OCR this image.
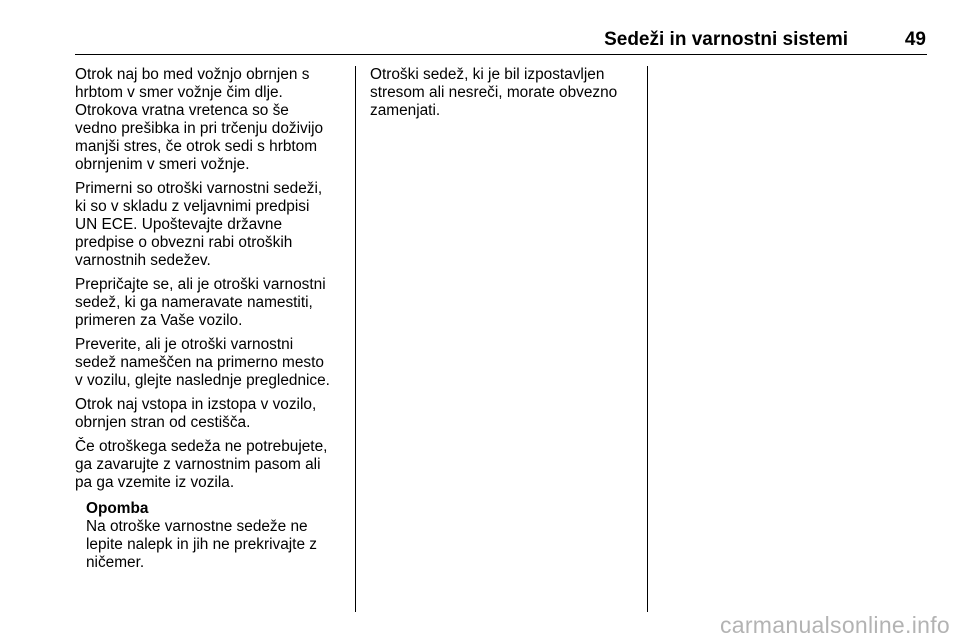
Sedeži in varnostni sistemi	49

Otrok naj bo med vožnjo obrnjen s
hrbtom v smer vožnje čim dlje.
Otrokova vratna vretenca so še
vedno prešibka in pri trčenju doživijo
manjši stres, če otrok sedi s hrbtom
obrnjenim v smeri vožnje.

Primerni so otroški varnostni sedeži,
ki so v skladu z veljavnimi predpisi
UN ECE. Upoštevajte državne
predpise o obvezni rabi otroških
varnostnih sedežev.

Prepričajte se, ali je otroški varnostni
sedež, ki ga nameravate namestiti,
primeren za Vaše vozilo.

Preverite, ali je otroški varnostni
sedež nameščen na primerno mesto
v vozilu, glejte naslednje preglednice.

Otrok naj vstopa in izstopa v vozilo,
obrnjen stran od cestišča.

Če otroškega sedeža ne potrebujete,
ga zavarujte z varnostnim pasom ali
pa ga vzemite iz vozila.

Opomba

Na otroške varnostne sedeže ne
lepite nalepk in jih ne prekrivajte z
ničemer.

Otroški sedež, ki je bil izpostavljen
stresom ali nesreči, morate obvezno
zamenjati.

carmanualsonline.info
